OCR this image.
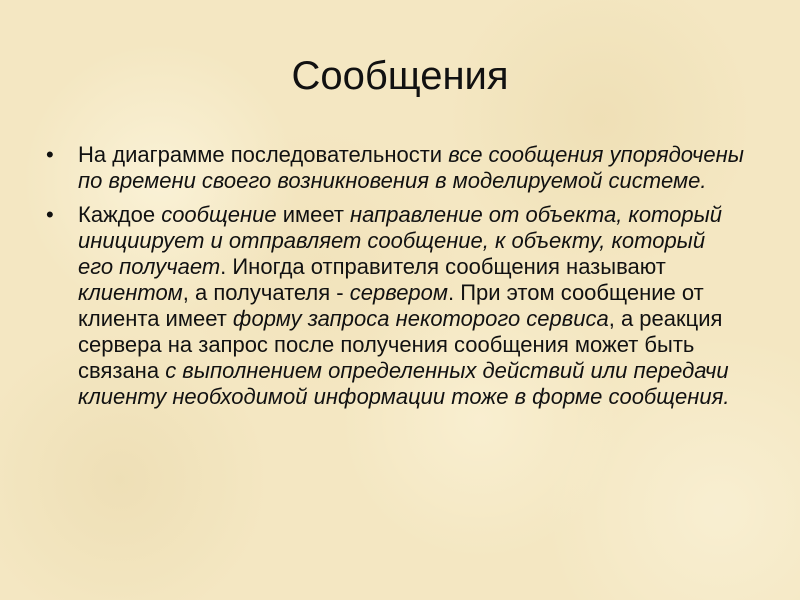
Сообщения
•	На диаграмме последовательности все сообщения упорядочены по времени своего возникновения в моделируемой системе.
•	Каждое сообщение имеет направление от объекта, который инициирует и отправляет сообщение, к объекту, который его получает. Иногда отправителя сообщения называют клиентом, а получателя - сервером. При этом сообщение от клиента имеет форму запроса некоторого сервиса, а реакция сервера на запрос после получения сообщения может быть связана с выполнением определенных действий или передачи клиенту необходимой информации тоже в форме сообщения.
